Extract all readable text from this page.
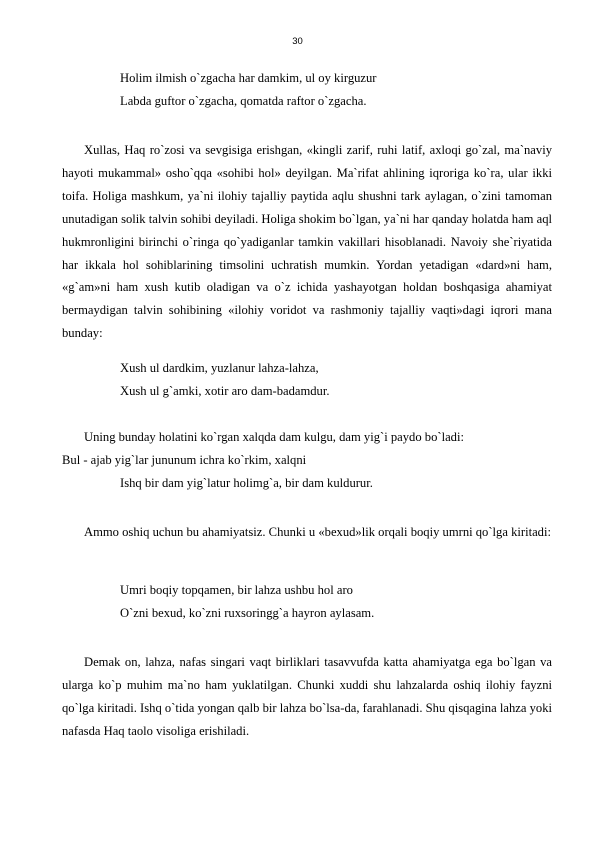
30
Holim ilmish o`zgacha har damkim, ul oy kirguzur
Labda guftor o`zgacha, qomatda raftor o`zgacha.
Xullas, Haq ro`zosi va sevgisiga erishgan, «kingli zarif, ruhi latif, axloqi go`zal, ma`naviy hayoti mukammal» osho`qqa «sohibi hol» deyilgan. Ma`rifat ahlining iqroriga ko`ra, ular ikki toifa. Holiga mashkum, ya`ni ilohiy tajalliy paytida aqlu shushni tark aylagan, o`zini tamoman unutadigan solik talvin sohibi deyiladi. Holiga shokim bo`lgan, ya`ni har qanday holatda ham aql hukmronligini birinchi o`ringa qo`yadiganlar tamkin vakillari hisoblanadi. Navoiy she`riyatida har ikkala hol sohiblarining timsolini uchratish mumkin. Yordan yetadigan «dard»ni ham, «g`am»ni ham xush kutib oladigan va o`z ichida yashayotgan holdan boshqasiga ahamiyat bermaydigan talvin sohibining «ilohiy voridot va rashmoniy tajalliy vaqti»dagi iqrori mana bunday:
Xush ul dardkim, yuzlanur lahza-lahza,
Xush ul g`amki, xotir aro dam-badamdur.
Uning bunday holatini ko`rgan xalqda dam kulgu, dam yig`i paydo bo`ladi:
Bul - ajab yig`lar jununum ichra ko`rkim, xalqni
Ishq bir dam yig`latur holimg`a, bir dam kuldurur.
Ammo oshiq uchun bu ahamiyatsiz. Chunki u «bexud»lik orqali boqiy umrni qo`lga kiritadi:
Umri boqiy topqamen, bir lahza ushbu hol aro
O`zni bexud, ko`zni ruxsoringg`a hayron aylasam.
Demak on, lahza, nafas singari vaqt birliklari tasavvufda katta ahamiyatga ega bo`lgan va ularga ko`p muhim ma`no ham yuklatilgan. Chunki xuddi shu lahzalarda oshiq ilohiy fayzni qo`lga kiritadi. Ishq o`tida yongan qalb bir lahza bo`lsa-da, farahlanadi. Shu qisqagina lahza yoki nafasda Haq taolo visoliga erishiladi.
